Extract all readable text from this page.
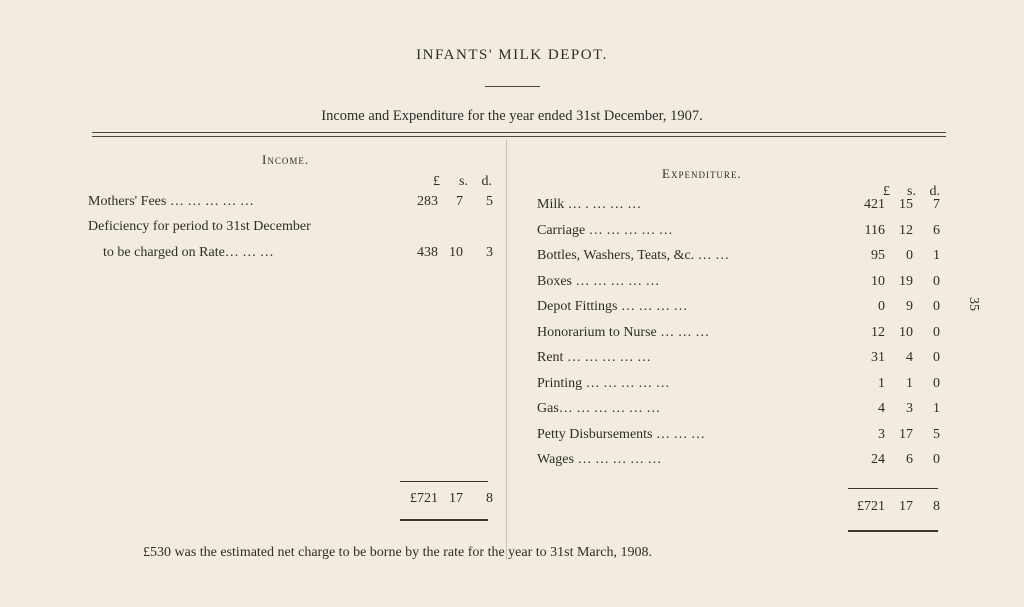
INFANTS' MILK DEPOT.
Income and Expenditure for the year ended 31st December, 1907.
Income.
£	s. d.
Mothers' Fees … … … … …	283	7	5
Deficiency for period to 31st December
to be charged on Rate… … …	438 10	3
£721 17	8
Expenditure.
£	s. d.
Milk … . … … …	421	15	7
Carriage … … … … …	116	12	6
Bottles, Washers, Teats, &c. … …	95	0	1
Boxes … … … … …	10	19	0
Depot Fittings … … … …	0	9	0
Honorarium to Nurse … … …	12	10	0
Rent … … … … …	31	4	0
Printing … … … … …	1	1	0
Gas… … … … … …	4	3	1
Petty Disbursements … … …	3	17	5
Wages … … … … …	24	6	0
£721	17	8
35
£530 was the estimated net charge to be borne by the rate for the year to 31st March, 1908.
